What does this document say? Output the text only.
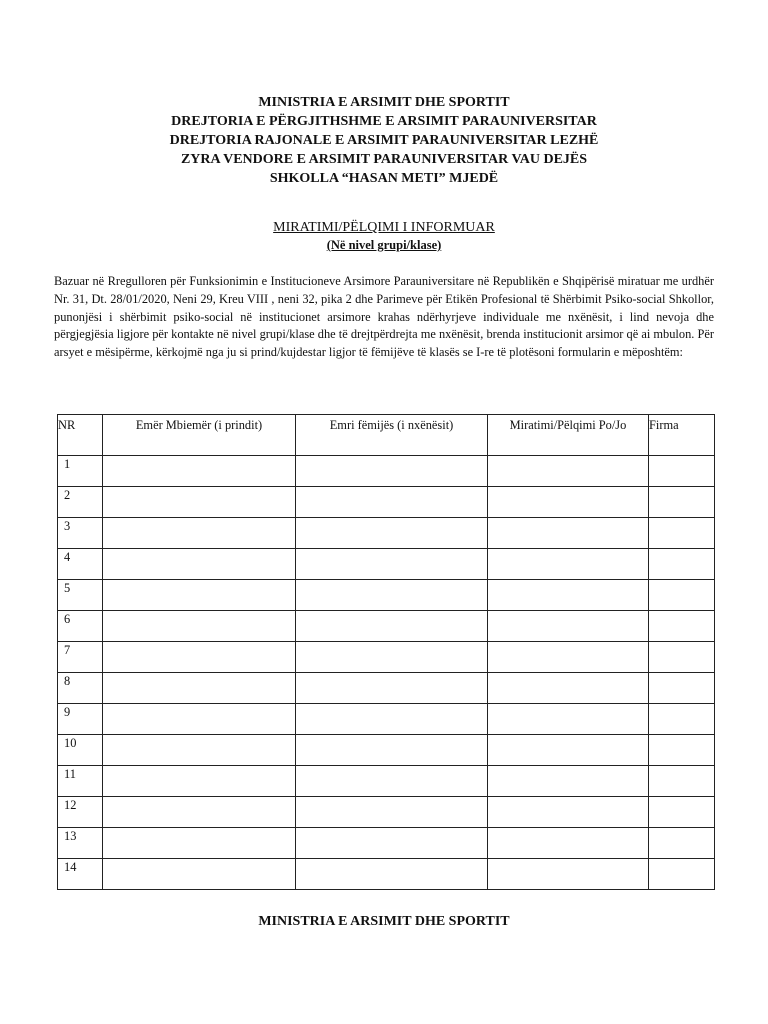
MINISTRIA E ARSIMIT DHE SPORTIT
DREJTORIA E PËRGJITHSHME E ARSIMIT PARAUNIVERSITAR
DREJTORIA RAJONALE E ARSIMIT PARAUNIVERSITAR LEZHË
ZYRA VENDORE E ARSIMIT PARAUNIVERSITAR VAU DEJËS
SHKOLLA “HASAN METI” MJEDË
MIRATIMI/PËLQIMI I INFORMUAR
(Në nivel grupi/klase)
Bazuar në Rregulloren për Funksionimin e Institucioneve Arsimore Parauniversitare në Republikën e Shqipërisë miratuar me urdhër Nr. 31, Dt. 28/01/2020, Neni 29, Kreu VIII , neni 32, pika 2 dhe Parimeve për Etikën Profesional të Shërbimit Psiko-social Shkollor, punonjësi i shërbimit psiko-social në institucionet arsimore krahas ndërhyrjeve individuale me nxënësit, i lind nevoja dhe përgjegjësia ligjore për kontakte në nivel grupi/klase dhe të drejtpërdrejta me nxënësit, brenda institucionit arsimor që ai mbulon. Për arsyet e mësipërme, kërkojmë nga ju si prind/kujdestar ligjor të fëmijëve të klasës se I-re të plotësoni formularin e mëposhtëm:
NR	Emër Mbiemër (i prindit)	Emri fëmijës (i nxënësit)	Miratimi/Pëlqimi Po/Jo	Firma
1				
2				
3				
4				
5				
6				
7				
8				
9				
10				
11				
12				
13				
14				
MINISTRIA E ARSIMIT DHE SPORTIT
